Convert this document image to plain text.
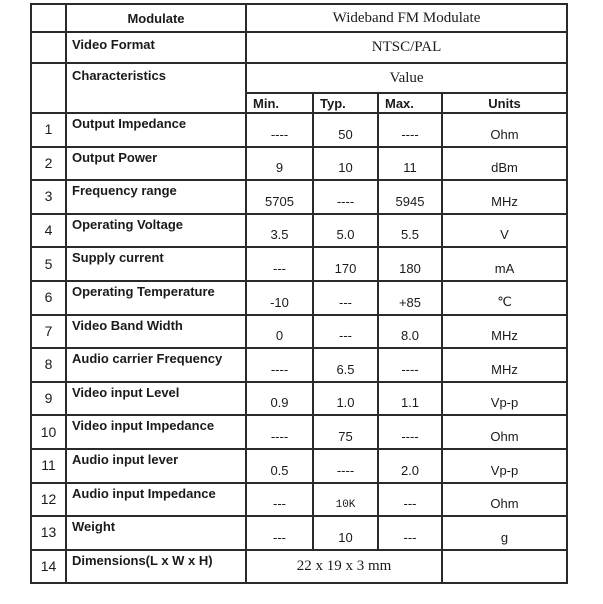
	Modulate	Wideband FM Modulate			
	Video Format	NTSC/PAL			
	Characteristics	Value			
		Min.	Typ.	Max.	Units
1	Output Impedance	----	50	----	Ohm
2	Output Power	9	10	11	dBm
3	Frequency range	5705	----	5945	MHz
4	Operating Voltage	3.5	5.0	5.5	V
5	Supply current	---	170	180	mA
6	Operating Temperature	-10	---	+85	℃
7	Video Band Width	0	---	8.0	MHz
8	Audio carrier Frequency	----	6.5	----	MHz
9	Video input Level	0.9	1.0	1.1	Vp-p
10	Video input Impedance	----	75	----	Ohm
11	Audio input lever	0.5	----	2.0	Vp-p
12	Audio input Impedance	---	10K	---	Ohm
13	Weight	---	10	---	g
14	Dimensions(L x W x H)	22 x 19 x 3 mm			
